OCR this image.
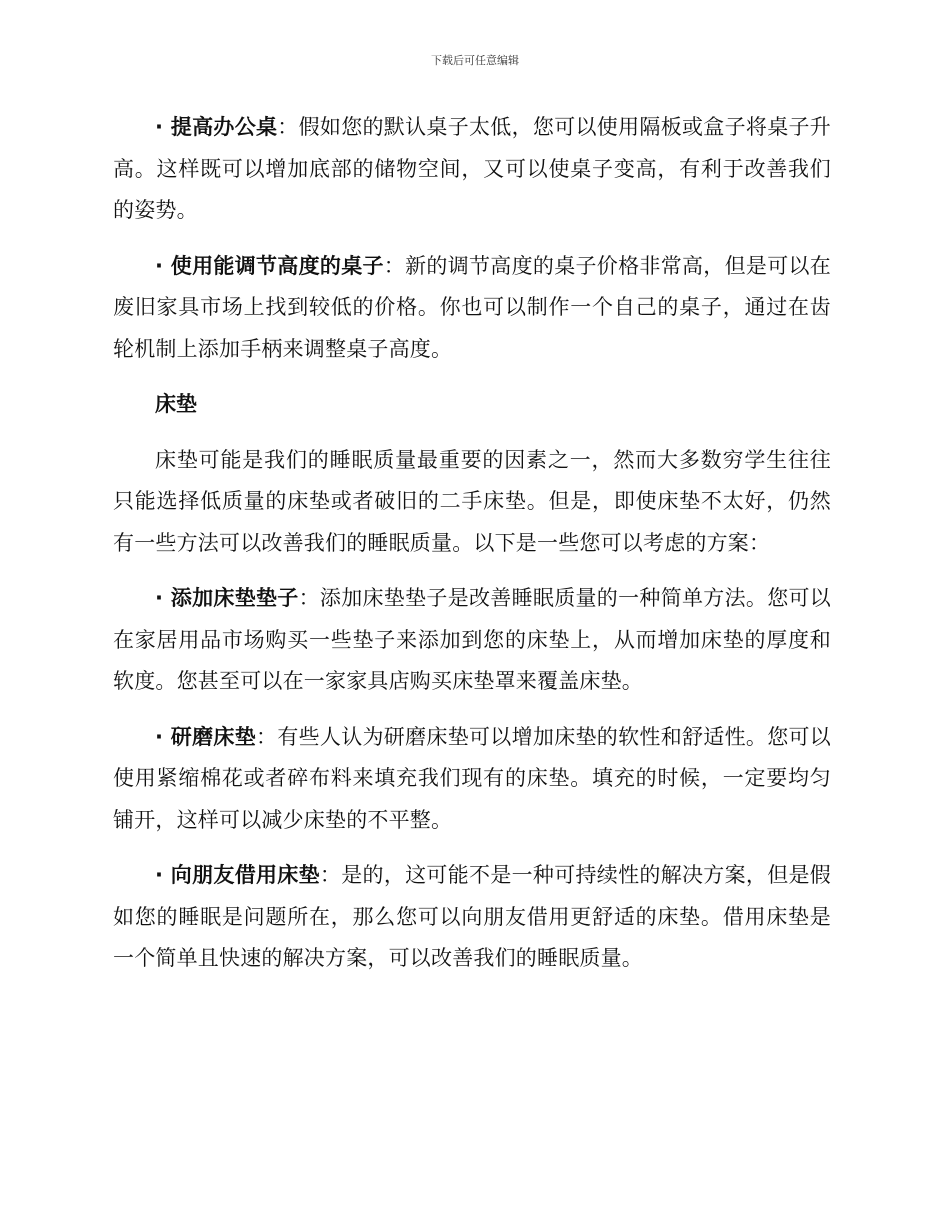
下载后可任意编辑

· 提高办公桌：假如您的默认桌子太低，您可以使用隔板或盒子将桌子升高。这样既可以增加底部的储物空间，又可以使桌子变高，有利于改善我们的姿势。

· 使用能调节高度的桌子：新的调节高度的桌子价格非常高，但是可以在废旧家具市场上找到较低的价格。你也可以制作一个自己的桌子，通过在齿轮机制上添加手柄来调整桌子高度。

床垫

床垫可能是我们的睡眠质量最重要的因素之一，然而大多数穷学生往往只能选择低质量的床垫或者破旧的二手床垫。但是，即使床垫不太好，仍然有一些方法可以改善我们的睡眠质量。以下是一些您可以考虑的方案：

· 添加床垫垫子：添加床垫垫子是改善睡眠质量的一种简单方法。您可以在家居用品市场购买一些垫子来添加到您的床垫上，从而增加床垫的厚度和软度。您甚至可以在一家家具店购买床垫罩来覆盖床垫。

· 研磨床垫：有些人认为研磨床垫可以增加床垫的软性和舒适性。您可以使用紧缩棉花或者碎布料来填充我们现有的床垫。填充的时候，一定要均匀铺开，这样可以减少床垫的不平整。

· 向朋友借用床垫：是的，这可能不是一种可持续性的解决方案，但是假如您的睡眠是问题所在，那么您可以向朋友借用更舒适的床垫。借用床垫是一个简单且快速的解决方案，可以改善我们的睡眠质量。
